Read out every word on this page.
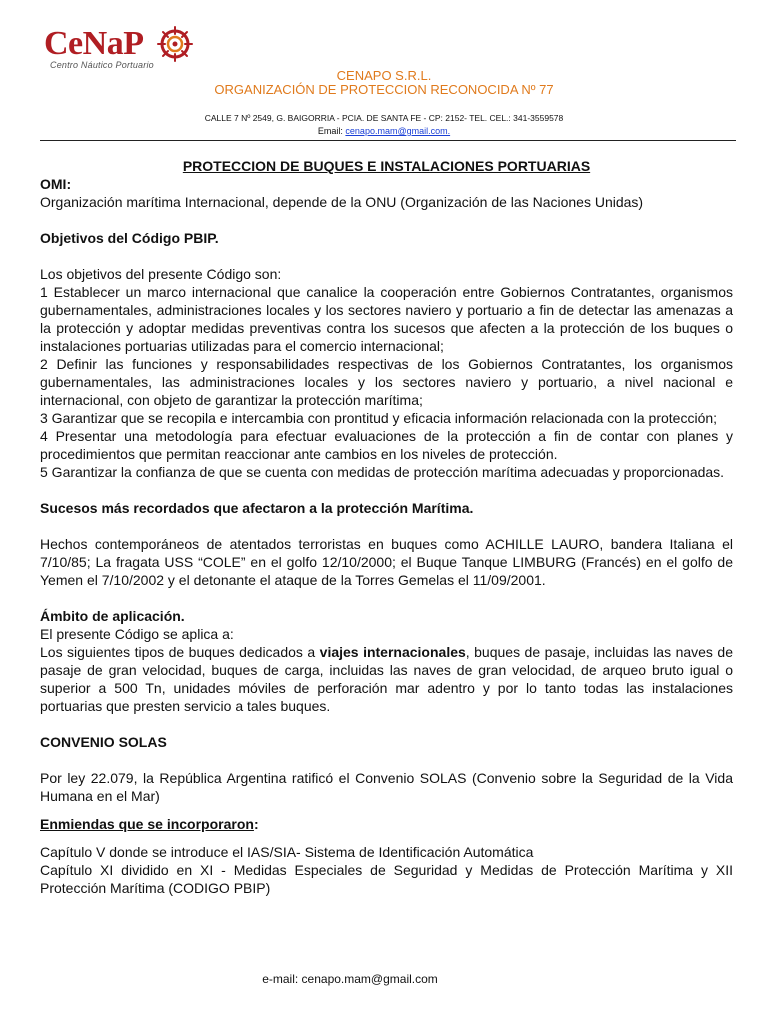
CeNaP
Centro Náutico Portuario
CENAPO S.R.L.
ORGANIZACIÓN DE PROTECCION RECONOCIDA Nº 77
CALLE 7 Nº 2549, G. BAIGORRIA - PCIA. DE SANTA FE - CP: 2152- TEL. CEL.: 341-3559578
Email: cenapo.mam@gmail.com.

PROTECCION DE BUQUES E INSTALACIONES PORTUARIAS

OMI:

Organización marítima Internacional, depende de la ONU (Organización de las Naciones Unidas)

Objetivos del Código PBIP.

Los objetivos del presente Código son:

1 Establecer un marco internacional que canalice la cooperación entre Gobiernos Contratantes, organismos gubernamentales, administraciones locales y los sectores naviero y portuario a fin de detectar las amenazas a la protección y adoptar medidas preventivas contra los sucesos que afecten a la protección de los buques o instalaciones portuarias utilizadas para el comercio internacional;

2 Definir las funciones y responsabilidades respectivas de los Gobiernos Contratantes, los organismos gubernamentales, las administraciones locales y los sectores naviero y portuario, a nivel nacional e internacional, con objeto de garantizar la protección marítima;

3 Garantizar que se recopila e intercambia con prontitud y eficacia información relacionada con la protección;

4 Presentar una metodología para efectuar evaluaciones de la protección a fin de contar con planes y procedimientos que permitan reaccionar ante cambios en los niveles de protección.

5 Garantizar la confianza de que se cuenta con medidas de protección marítima adecuadas y proporcionadas.

Sucesos más recordados que afectaron a la protección Marítima.

Hechos contemporáneos de atentados terroristas en buques como ACHILLE LAURO, bandera Italiana el 7/10/85; La fragata USS “COLE” en el golfo 12/10/2000; el Buque Tanque LIMBURG (Francés) en el golfo de Yemen el 7/10/2002 y el detonante el ataque de la Torres Gemelas el 11/09/2001.

Ámbito de aplicación.

El presente Código se aplica a:

Los siguientes tipos de buques dedicados a viajes internacionales, buques de pasaje, incluidas las naves de pasaje de gran velocidad, buques de carga, incluidas las naves de gran velocidad, de arqueo bruto igual o superior a 500 Tn, unidades móviles de perforación mar adentro y por lo tanto todas las instalaciones portuarias que presten servicio a tales buques.

CONVENIO SOLAS

Por ley 22.079, la República Argentina ratificó el Convenio SOLAS (Convenio sobre la Seguridad de la Vida Humana en el Mar)

Enmiendas que se incorporaron:

Capítulo V donde se introduce el IAS/SIA- Sistema de Identificación Automática

Capítulo XI dividido en XI - Medidas Especiales de Seguridad y Medidas de Protección Marítima y XII Protección Marítima (CODIGO PBIP)

e-mail: cenapo.mam@gmail.com
